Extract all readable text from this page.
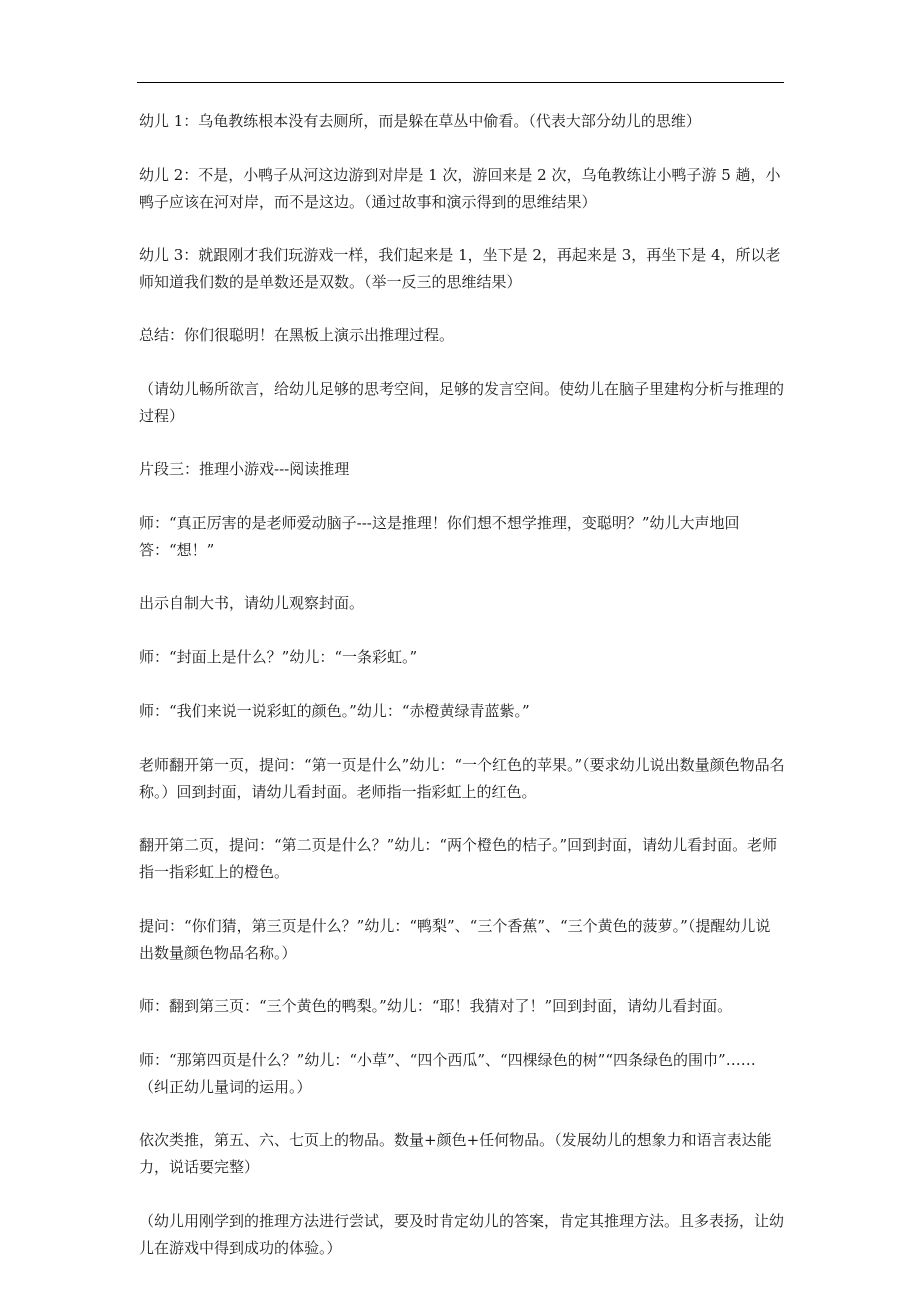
幼儿 1：乌龟教练根本没有去厕所，而是躲在草丛中偷看。（代表大部分幼儿的思维）

幼儿 2：不是，小鸭子从河这边游到对岸是 1 次，游回来是 2 次，乌龟教练让小鸭子游 5 趟，小鸭子应该在河对岸，而不是这边。（通过故事和演示得到的思维结果）

幼儿 3：就跟刚才我们玩游戏一样，我们起来是 1，坐下是 2，再起来是 3，再坐下是 4，所以老师知道我们数的是单数还是双数。（举一反三的思维结果）

总结：你们很聪明！在黑板上演示出推理过程。

（请幼儿畅所欲言，给幼儿足够的思考空间，足够的发言空间。使幼儿在脑子里建构分析与推理的过程）

片段三：推理小游戏---阅读推理

师：“真正厉害的是老师爱动脑子---这是推理！你们想不想学推理，变聪明？”幼儿大声地回答：“想！”

出示自制大书，请幼儿观察封面。

师：“封面上是什么？”幼儿：“一条彩虹。”

师：“我们来说一说彩虹的颜色。”幼儿：“赤橙黄绿青蓝紫。”

老师翻开第一页，提问：“第一页是什么”幼儿：“一个红色的苹果。”（要求幼儿说出数量颜色物品名称。）回到封面，请幼儿看封面。老师指一指彩虹上的红色。

翻开第二页，提问：“第二页是什么？”幼儿：“两个橙色的桔子。”回到封面，请幼儿看封面。老师指一指彩虹上的橙色。

提问：“你们猜，第三页是什么？”幼儿：“鸭梨”、“三个香蕉”、“三个黄色的菠萝。”（提醒幼儿说出数量颜色物品名称。）

师：翻到第三页：“三个黄色的鸭梨。”幼儿：“耶！我猜对了！”回到封面，请幼儿看封面。

师：“那第四页是什么？”幼儿：“小草”、“四个西瓜”、“四棵绿色的树”“四条绿色的围巾”……（纠正幼儿量词的运用。）

依次类推，第五、六、七页上的物品。数量+颜色+任何物品。（发展幼儿的想象力和语言表达能力，说话要完整）

（幼儿用刚学到的推理方法进行尝试，要及时肯定幼儿的答案，肯定其推理方法。且多表扬，让幼儿在游戏中得到成功的体验。）
